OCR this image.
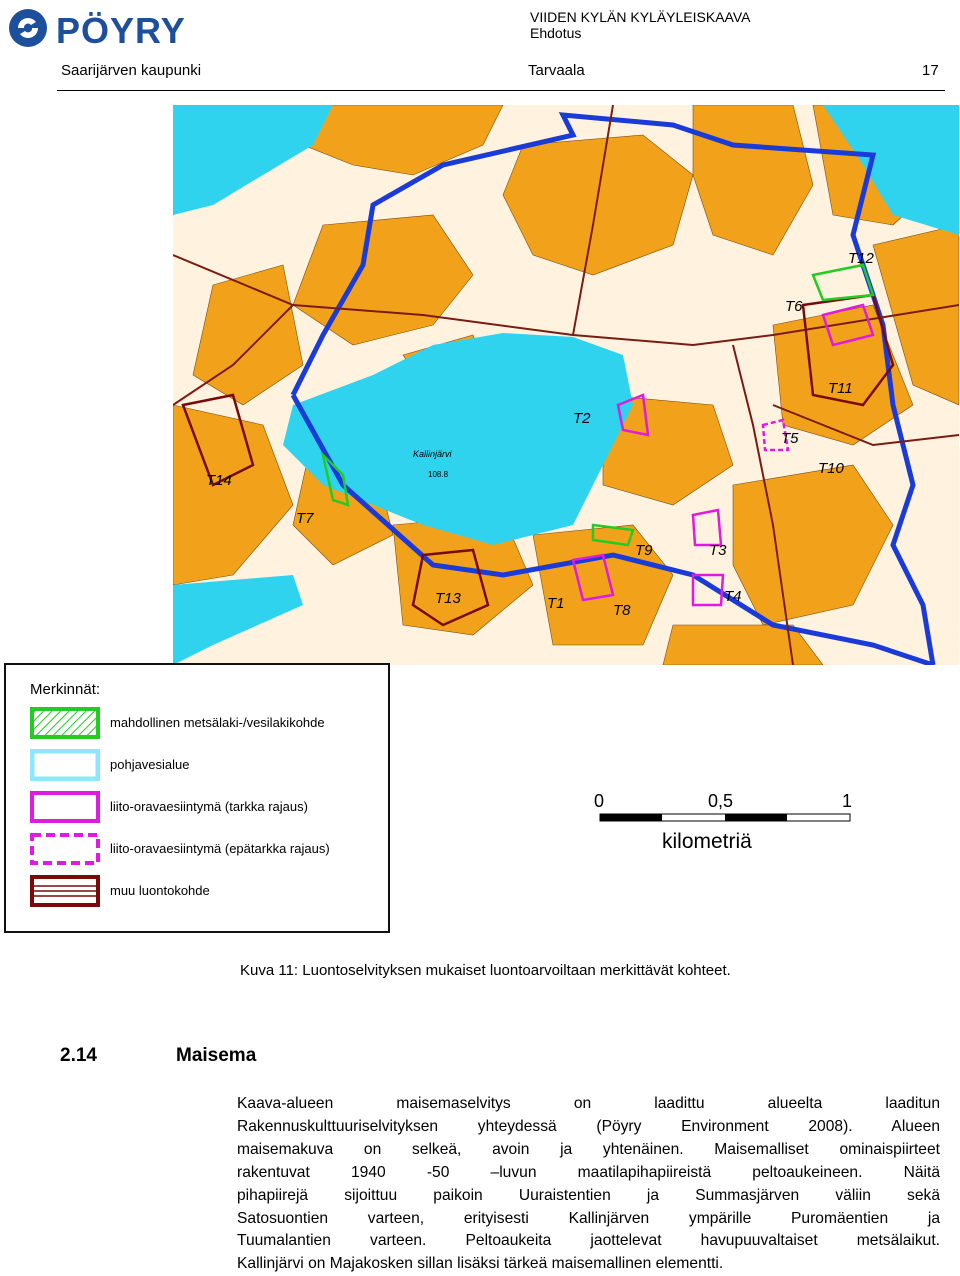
PÖYRY	VIIDEN KYLÄN KYLÄYLEISKAAVA
Ehdotus
Saarijärven kaupunki	Tarvaala	17
T2
T12
T6
T11
T5
T10
T14
T7
T9	T3
T13	T1	T8
T4
Kallinjärvi
108.8
0	0,5	1
kilometriä
Merkinnät:
mahdollinen metsälaki-/vesilakikohde
pohjavesialue
liito-oravaesiintymä (tarkka rajaus)
liito-oravaesiintymä (epätarkka rajaus)
muu luontokohde
Kuva 11: Luontoselvityksen mukaiset luontoarvoiltaan merkittävät kohteet.
2.14	Maisema
Kaava-alueen maisemaselvitys on laadittu alueelta laaditun
Rakennuskulttuuriselvityksen yhteydessä (Pöyry Environment 2008). Alueen
maisemakuva on selkeä, avoin ja yhtenäinen. Maisemalliset ominaispiirteet
rakentuvat 1940 -50 –luvun maatilapihapiireistä peltoaukeineen. Näitä
pihapiirejä sijoittuu paikoin Uuraistentien ja Summasjärven väliin sekä
Satosuontien varteen, erityisesti Kallinjärven ympärille Puromäentien ja
Tuumalantien varteen. Peltoaukeita jaottelevat havupuuvaltaiset metsälaikut.
Kallinjärvi on Majakosken sillan lisäksi tärkeä maisemallinen elementti.
